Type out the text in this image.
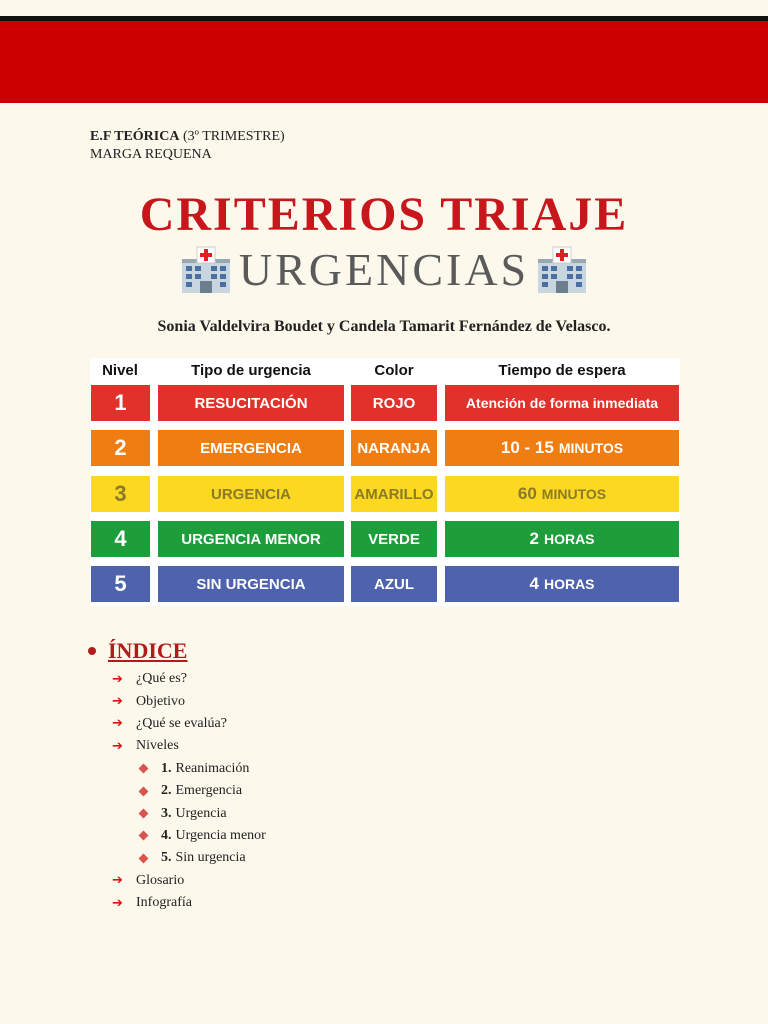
E.F TEÓRICA (3º TRIMESTRE)
MARGA REQUENA
CRITERIOS TRIAJE
URGENCIAS
Sonia Valdelvira Boudet y Candela Tamarit Fernández de Velasco.
Nivel	Tipo de urgencia	Color	Tiempo de espera
1	RESUCITACIÓN	ROJO	Atención de forma inmediata
2	EMERGENCIA	NARANJA	10 - 15 MINUTOS
3	URGENCIA	AMARILLO	60 MINUTOS
4	URGENCIA MENOR	VERDE	2 HORAS
5	SIN URGENCIA	AZUL	4 HORAS
ÍNDICE
➔ ¿Qué es?
➔ Objetivo
➔ ¿Qué se evalúa?
➔ Niveles
1. Reanimación
2. Emergencia
3. Urgencia
4. Urgencia menor
5. Sin urgencia
➔ Glosario
➔ Infografía
